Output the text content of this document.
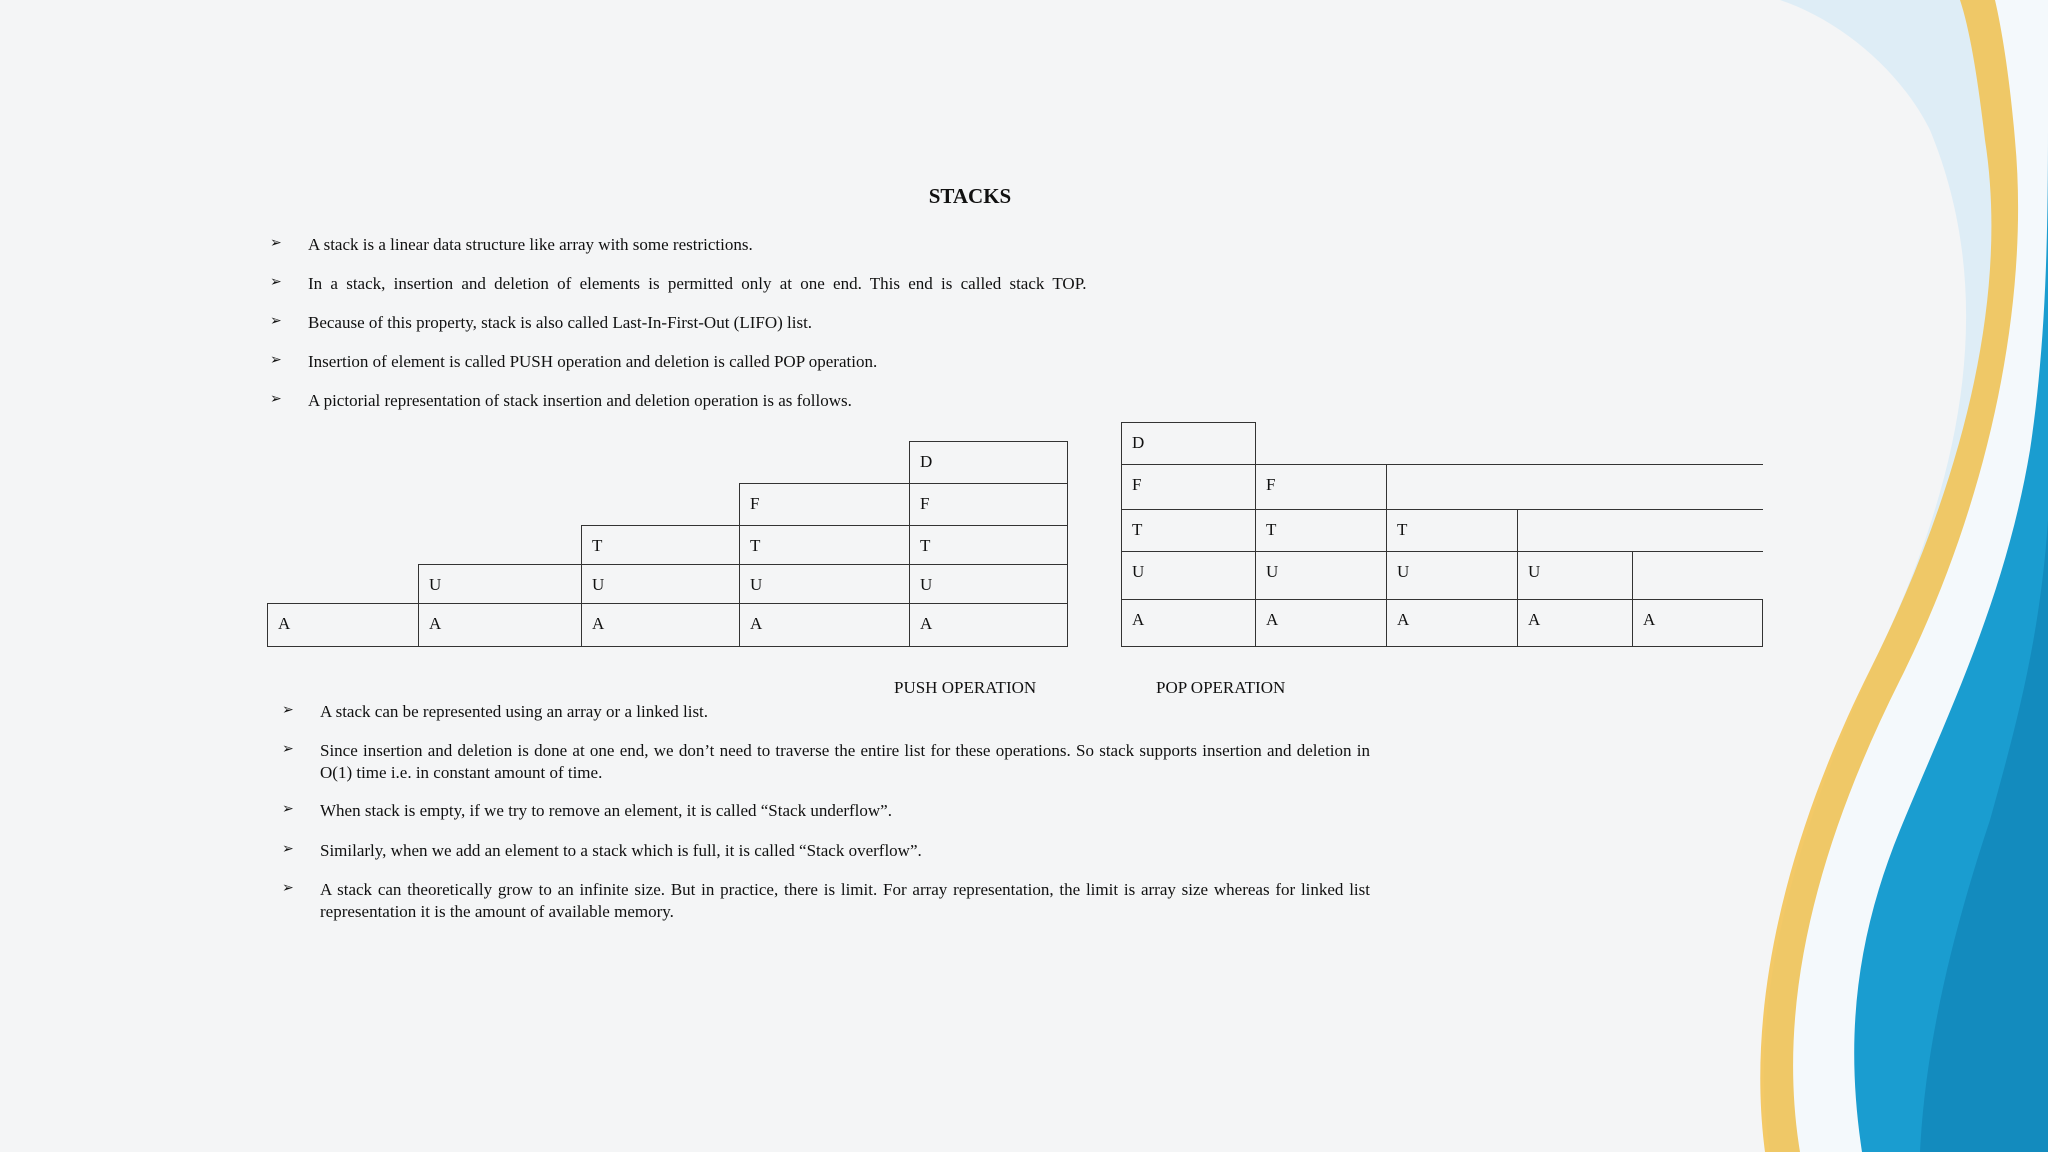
STACKS
➢ A stack is a linear data structure like array with some restrictions.
➢ In a stack, insertion and deletion of elements is permitted only at one end. This end is called stack TOP.
➢ Because of this property, stack is also called Last-In-First-Out (LIFO) list.
➢ Insertion of element is called PUSH operation and deletion is called POP operation.
➢ A pictorial representation of stack insertion and deletion operation is as follows.
A	A
U
A
U
T
A
U
T
F
A
U
T
F
D
A
U
T
F
D
A
U
T
F
A
U
T
A
U
A
PUSH OPERATION	POP OPERATION
➢ A stack can be represented using an array or a linked list.
➢ Since insertion and deletion is done at one end, we don’t need to traverse the entire list for these operations. So stack supports insertion and deletion in O(1) time i.e. in constant amount of time.
➢ When stack is empty, if we try to remove an element, it is called “Stack underflow”.
➢ Similarly, when we add an element to a stack which is full, it is called “Stack overflow”.
➢ A stack can theoretically grow to an infinite size. But in practice, there is limit. For array representation, the limit is array size whereas for linked list representation it is the amount of available memory.
